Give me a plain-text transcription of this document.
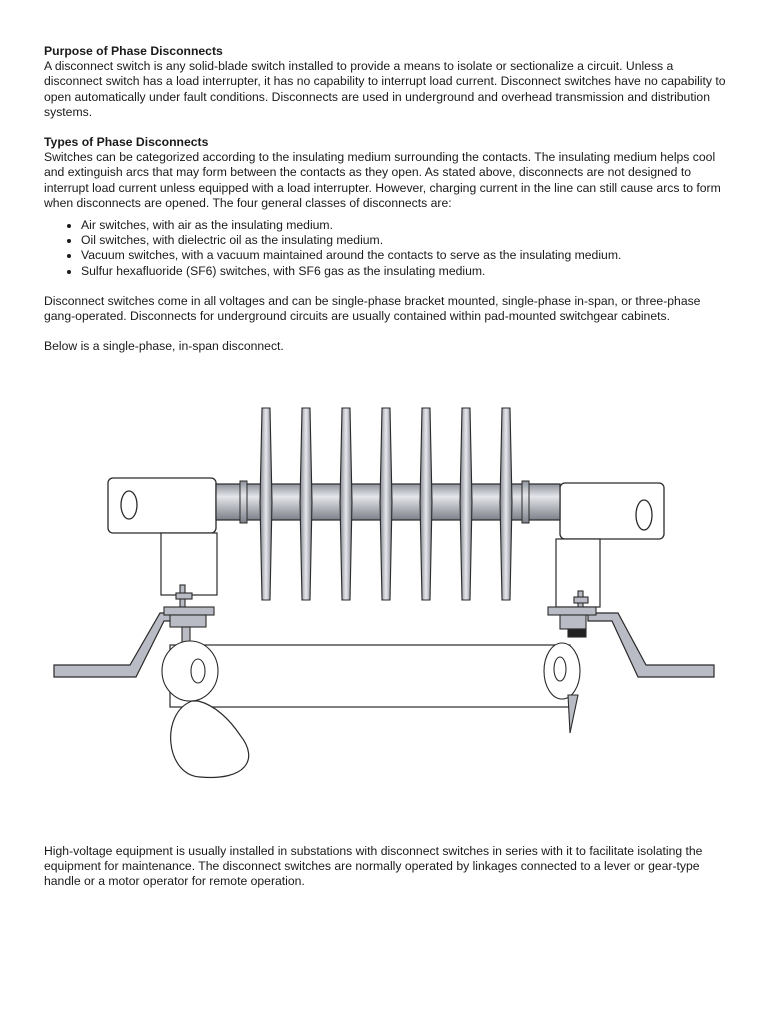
Purpose of Phase Disconnects

A disconnect switch is any solid-blade switch installed to provide a means to isolate or sectionalize a circuit. Unless a disconnect switch has a load interrupter, it has no capability to interrupt load current. Disconnect switches have no capability to open automatically under fault conditions. Disconnects are used in underground and overhead transmission and distribution systems.

Types of Phase Disconnects

Switches can be categorized according to the insulating medium surrounding the contacts. The insulating medium helps cool and extinguish arcs that may form between the contacts as they open. As stated above, disconnects are not designed to interrupt load current unless equipped with a load interrupter. However, charging current in the line can still cause arcs to form when disconnects are opened. The four general classes of disconnects are:

• Air switches, with air as the insulating medium.
• Oil switches, with dielectric oil as the insulating medium.
• Vacuum switches, with a vacuum maintained around the contacts to serve as the insulating medium.
• Sulfur hexafluoride (SF6) switches, with SF6 gas as the insulating medium.

Disconnect switches come in all voltages and can be single-phase bracket mounted, single-phase in-span, or three-phase gang-operated. Disconnects for underground circuits are usually contained within pad-mounted switchgear cabinets.

Below is a single-phase, in-span disconnect.

High-voltage equipment is usually installed in substations with disconnect switches in series with it to facilitate isolating the equipment for maintenance. The disconnect switches are normally operated by linkages connected to a lever or gear-type handle or a motor operator for remote operation.
